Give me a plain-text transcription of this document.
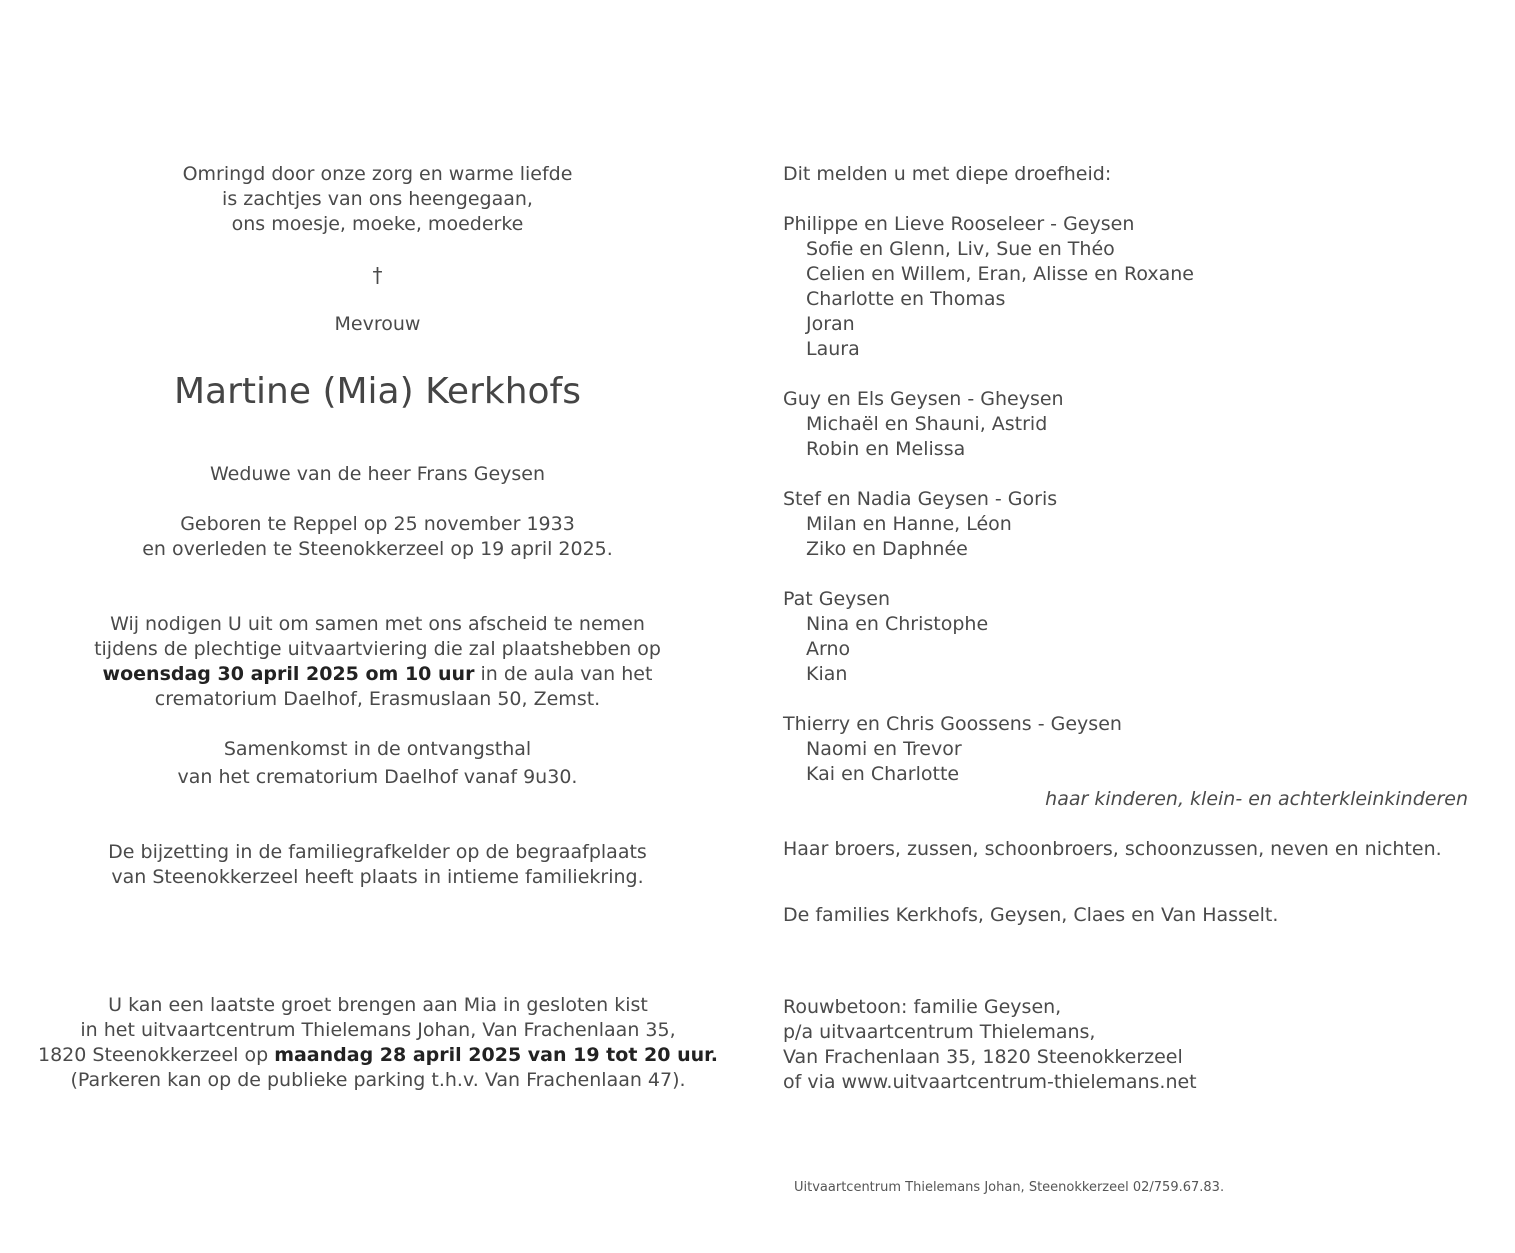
Omringd door onze zorg en warme liefde
is zachtjes van ons heengegaan,
ons moesje, moeke, moederke
†
Mevrouw
Martine (Mia) Kerkhofs
Weduwe van de heer Frans Geysen
Geboren te Reppel op 25 november 1933
en overleden te Steenokkerzeel op 19 april 2025.
Wij nodigen U uit om samen met ons afscheid te nemen
tijdens de plechtige uitvaartviering die zal plaatshebben op
woensdag 30 april 2025 om 10 uur in de aula van het
crematorium Daelhof, Erasmuslaan 50, Zemst.
Samenkomst in de ontvangsthal
van het crematorium Daelhof vanaf 9u30.
De bijzetting in de familiegrafkelder op de begraafplaats
van Steenokkerzeel heeft plaats in intieme familiekring.
U kan een laatste groet brengen aan Mia in gesloten kist
in het uitvaartcentrum Thielemans Johan, Van Frachenlaan 35,
1820 Steenokkerzeel op maandag 28 april 2025 van 19 tot 20 uur.
(Parkeren kan op de publieke parking t.h.v. Van Frachenlaan 47).
Dit melden u met diepe droefheid:
Philippe en Lieve Rooseleer - Geysen
Sofie en Glenn, Liv, Sue en Théo
Celien en Willem, Eran, Alisse en Roxane
Charlotte en Thomas
Joran
Laura
Guy en Els Geysen - Gheysen
Michaël en Shauni, Astrid
Robin en Melissa
Stef en Nadia Geysen - Goris
Milan en Hanne, Léon
Ziko en Daphnée
Pat Geysen
Nina en Christophe
Arno
Kian
Thierry en Chris Goossens - Geysen
Naomi en Trevor
Kai en Charlotte
haar kinderen, klein- en achterkleinkinderen
Haar broers, zussen, schoonbroers, schoonzussen, neven en nichten.
De families Kerkhofs, Geysen, Claes en Van Hasselt.
Rouwbetoon: familie Geysen,
p/a uitvaartcentrum Thielemans,
Van Frachenlaan 35, 1820 Steenokkerzeel
of via www.uitvaartcentrum-thielemans.net
Uitvaartcentrum Thielemans Johan, Steenokkerzeel 02/759.67.83.
